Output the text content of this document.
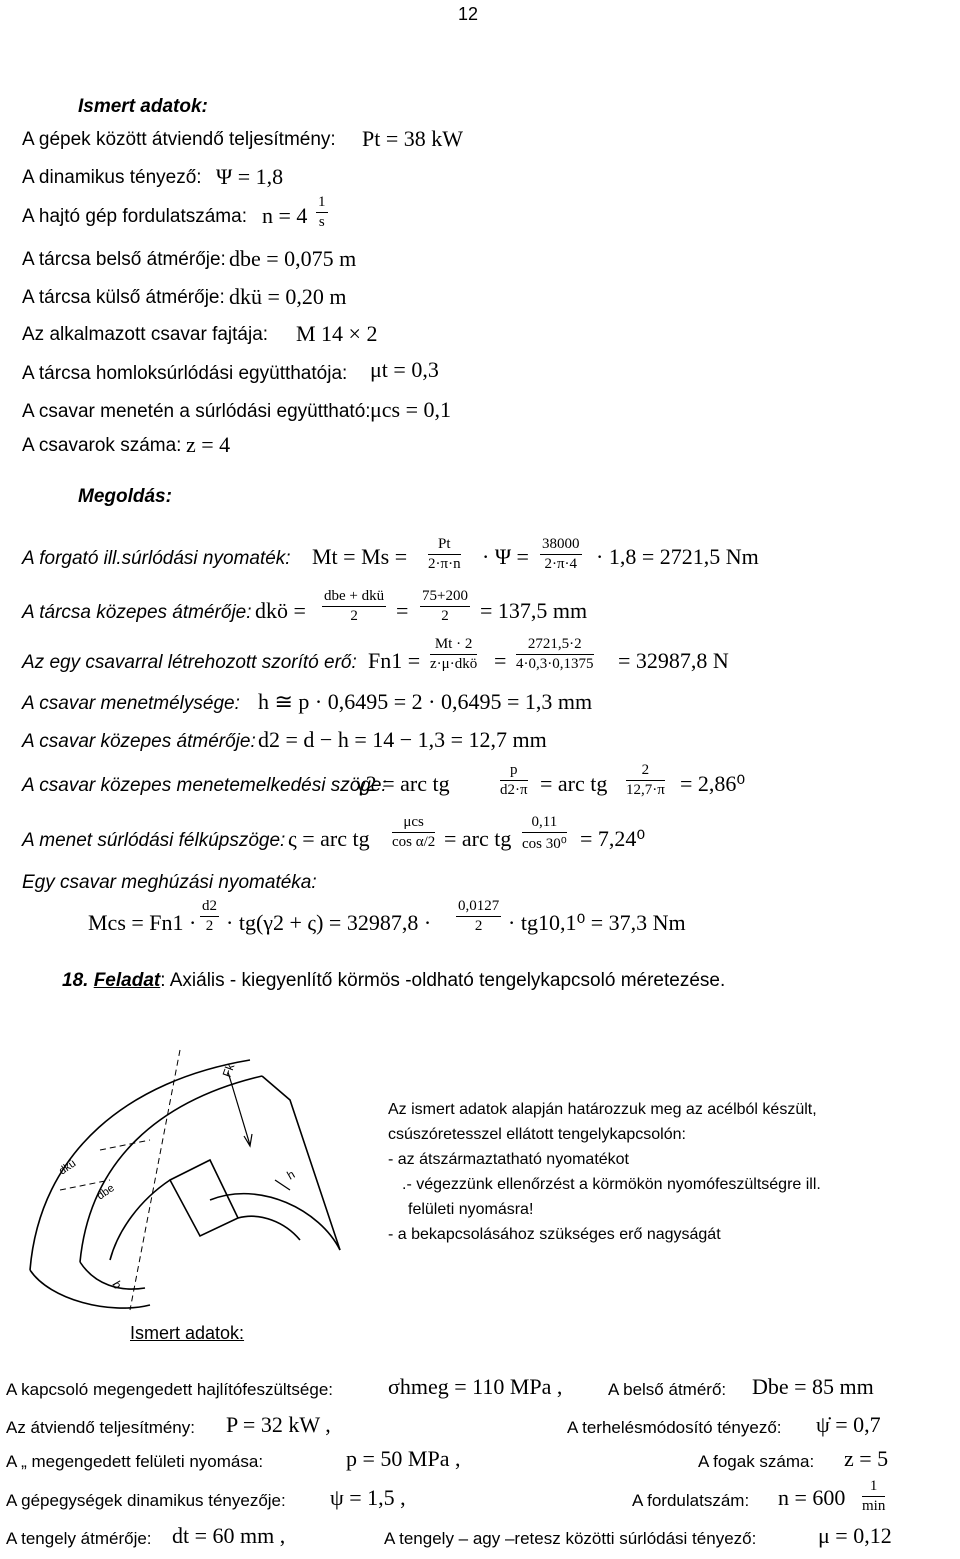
12
Ismert adatok:
A gépek között átviendő teljesítmény: Pt = 38 kW
A dinamikus tényező: Ψ = 1,8
A hajtó gép fordulatszáma: $n = 4 \frac{1}{s}$
A tárcsa belső átmérője: dbe = 0,075 m
A tárcsa külső átmérője: dkü = 0,20 m
Az alkalmazott csavar fajtája: M 14 × 2
A tárcsa homloksúrlódási együtthatója: μt = 0,3
A csavar menetén a súrlódási együttható: μcs = 0,1
A csavarok száma: z = 4
Megoldás:
A forgató ill.súrlódási nyomaték: $Mt = Ms = \frac{Pt}{2\cdot\pi\cdot n} \cdot \Psi = \frac{38000}{2\cdot\pi\cdot 4} \cdot 1,8 = 2721,5$ Nm
A tárcsa közepes átmérője: dkö =
dbe + dkü
2	= $\frac{75+200}{2} = 137,5$ mm
Az egy csavarral létrehozott szorító erő: Fn1 =
Mt · 2
z·μ·dkö = $\frac{2721,5\cdot 2}{4\cdot 0,3\cdot 0,1375} = 32987,8$ N
A csavar menetmélysége: h ≅ p · 0,6495 = 2 · 0,6495 = 1,3 mm
A csavar közepes átmérője: d2 = d − h = 14 − 1,3 = 12,7 mm
A csavar közepes menetemelkedési szöge:
γ2 = arc tg	$\frac{p}{d2\cdot\pi}$ = arc tg $\frac{2}{12,7\cdot\pi} = 2,86^0$
A menet súrlódási félkúpszöge: ς = arc tg
μcs
cos α/2 = arc tg $\frac{0,11}{\text{cos 30⁰}} = 7,24^0$
Egy csavar meghúzási nyomatéka:
Mcs = $Fn1 \cdot \frac{d2}{2} \cdot tg(\gamma 2 + \varsigma) = 32987,8 \cdot \frac{0,0127}{2} \cdot tg10,1^0 = 37,3$ Nm
18. Feladat: Axiális - kiegyenlítő körmös -oldható tengelykapcsoló méretezése.
Fk
dkü
dbe
h
b
Az ismert adatok alapján határozzuk meg az acélból készült,
csúszóretesszel ellátott tengelykapcsolón:
- az átszármaztatható nyomatékot
.- végezzünk ellenőrzést a körmökön nyomófeszültségre ill.
felületi nyomásra!
- a bekapcsolásához szükséges erő nagyságát
Ismert adatok:
A kapcsoló megengedett hajlítófeszültsége:	σhmeg = 110 MPa ,	A belső átmérő: Dbe = 85 mm
Az átviendő teljesítmény: P = 32 kW ,	A terhelésmódosító tényező: ψ̇ = 0,7
A „ megengedett felületi nyomása:	p = 50 MPa ,	A fogak száma: z = 5
A gépegységek dinamikus tényezője: ψ = 1,5 ,	A fordulatszám: n = 600	1
min
A tengely átmérője: dt = 60 mm ,	A tengely – agy –retesz közötti súrlódási tényező:	μ = 0,12
